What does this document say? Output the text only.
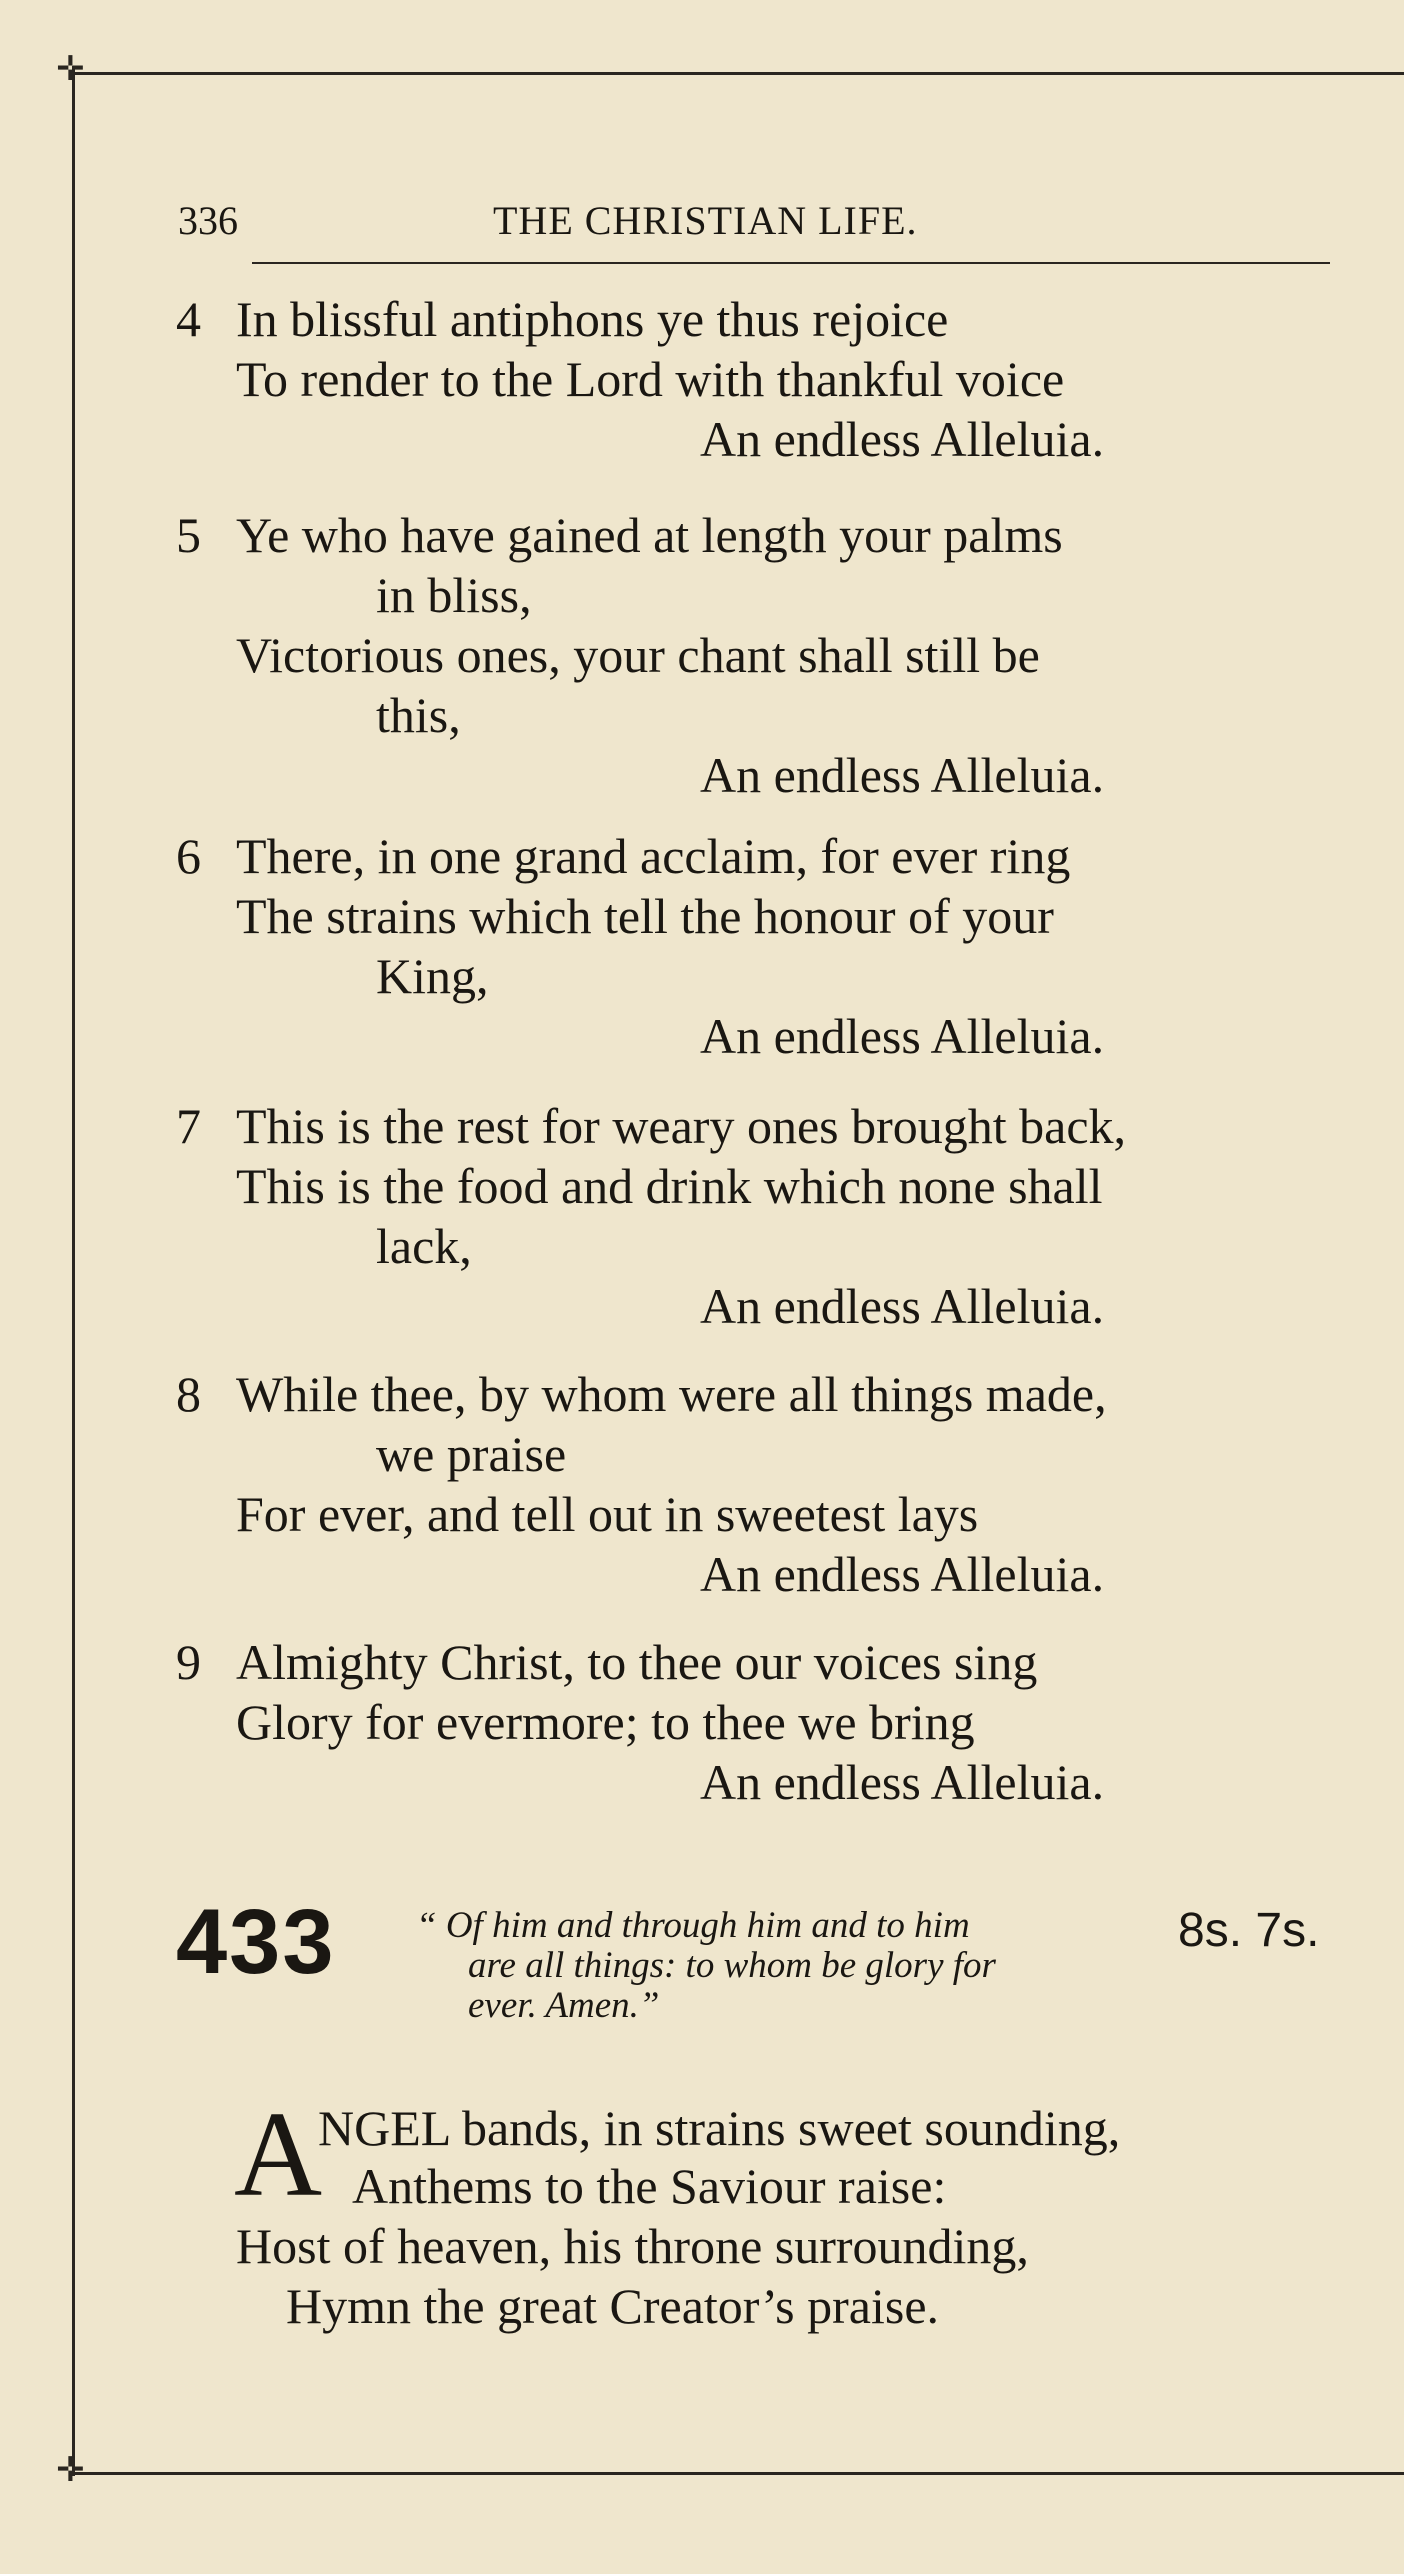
✛
✛
336	THE CHRISTIAN LIFE.
4 In blissful antiphons ye thus rejoice
To render to the Lord with thankful voice
An endless Alleluia.
5 Ye who have gained at length your palms
in bliss,
Victorious ones, your chant shall still be
this,
An endless Alleluia.
6 There, in one grand acclaim, for ever ring
The strains which tell the honour of your
King,
An endless Alleluia.
7 This is the rest for weary ones brought back,
This is the food and drink which none shall
lack,
An endless Alleluia.
8 While thee, by whom were all things made,
we praise
For ever, and tell out in sweetest lays
An endless Alleluia.
9 Almighty Christ, to thee our voices sing
Glory for evermore; to thee we bring
An endless Alleluia.
433 “ Of him and through him and to him
are all things: to whom be glory for
ever. Amen.”
8s. 7s.
A
NGEL bands, in strains sweet sounding,
Anthems to the Saviour raise:
Host of heaven, his throne surrounding,
Hymn the great Creator’s praise.
